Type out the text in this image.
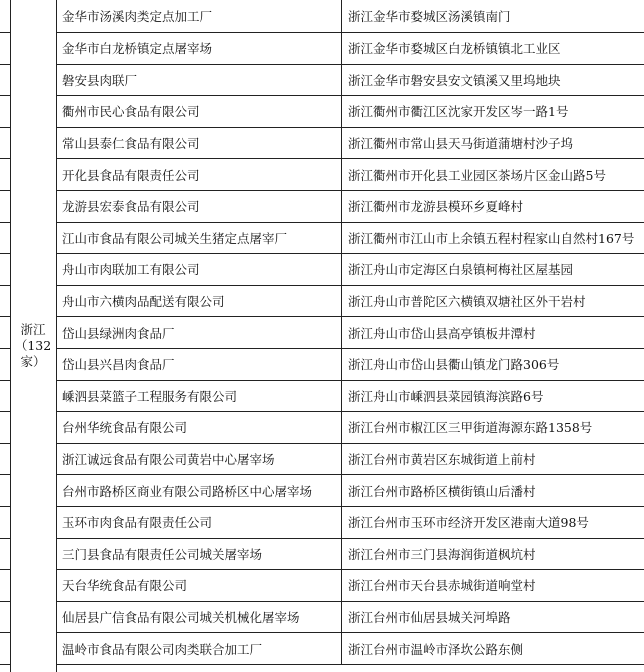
浙江
（132
家）
金华市汤溪肉类定点加工厂	浙江金华市婺城区汤溪镇南门
金华市白龙桥镇定点屠宰场	浙江金华市婺城区白龙桥镇镇北工业区
磐安县肉联厂	浙江金华市磐安县安文镇溪又里坞地块
衢州市民心食品有限公司	浙江衢州市衢江区沈家开发区岑一路1号
常山县泰仁食品有限公司	浙江衢州市常山县天马街道蒲塘村沙子坞
开化县食品有限责任公司	浙江衢州市开化县工业园区茶场片区金山路5号
龙游县宏泰食品有限公司	浙江衢州市龙游县模环乡夏峰村
江山市食品有限公司城关生猪定点屠宰厂	浙江衢州市江山市上余镇五程村程家山自然村167号
舟山市肉联加工有限公司	浙江舟山市定海区白泉镇柯梅社区屋基园
舟山市六横肉品配送有限公司	浙江舟山市普陀区六横镇双塘社区外干岩村
岱山县绿洲肉食品厂	浙江舟山市岱山县高亭镇板井潭村
岱山县兴昌肉食品厂	浙江舟山市岱山县衢山镇龙门路306号
嵊泗县菜篮子工程服务有限公司	浙江舟山市嵊泗县菜园镇海滨路6号
台州华统食品有限公司	浙江台州市椒江区三甲街道海源东路1358号
浙江诚远食品有限公司黄岩中心屠宰场	浙江台州市黄岩区东城街道上前村
台州市路桥区商业有限公司路桥区中心屠宰场	浙江台州市路桥区横街镇山后潘村
玉环市肉食品有限责任公司	浙江台州市玉环市经济开发区港南大道98号
三门县食品有限责任公司城关屠宰场	浙江台州市三门县海润街道枫坑村
天台华统食品有限公司	浙江台州市天台县赤城街道响堂村
仙居县广信食品有限公司城关机械化屠宰场	浙江台州市仙居县城关河埠路
温岭市食品有限公司肉类联合加工厂	浙江台州市温岭市泽坎公路东侧
